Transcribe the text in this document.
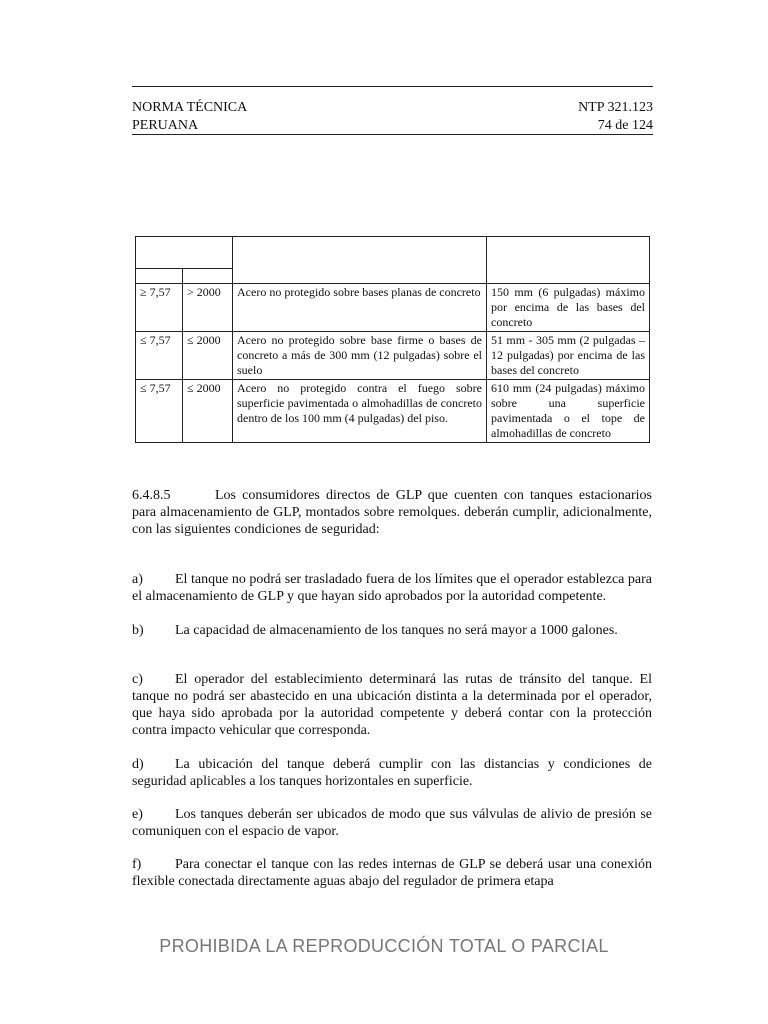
NORMA TÉCNICA
PERUANA
NTP 321.123
74 de 124

≥ 7,57	> 2000	Acero no protegido sobre bases planas de concreto	150 mm (6 pulgadas) máximo por encima de las bases del concreto
≤ 7,57	≤ 2000	Acero no protegido sobre base firme o bases de concreto a más de 300 mm (12 pulgadas) sobre el suelo	51 mm - 305 mm (2 pulgadas – 12 pulgadas) por encima de las bases del concreto
≤ 7,57	≤ 2000	Acero no protegido contra el fuego sobre superficie pavimentada o almohadillas de concreto dentro de los 100 mm (4 pulgadas) del piso.	610 mm (24 pulgadas) máximo sobre una superficie pavimentada o el tope de almohadillas de concreto

6.4.8.5	Los consumidores directos de GLP que cuenten con tanques estacionarios para almacenamiento de GLP, montados sobre remolques. deberán cumplir, adicionalmente, con las siguientes condiciones de seguridad:

a) El tanque no podrá ser trasladado fuera de los límites que el operador establezca para el almacenamiento de GLP y que hayan sido aprobados por la autoridad competente.

b) La capacidad de almacenamiento de los tanques no será mayor a 1000 galones.

c) El operador del establecimiento determinará las rutas de tránsito del tanque. El tanque no podrá ser abastecido en una ubicación distinta a la determinada por el operador, que haya sido aprobada por la autoridad competente y deberá contar con la protección contra impacto vehicular que corresponda.

d) La ubicación del tanque deberá cumplir con las distancias y condiciones de seguridad aplicables a los tanques horizontales en superficie.

e) Los tanques deberán ser ubicados de modo que sus válvulas de alivio de presión se comuniquen con el espacio de vapor.

f) Para conectar el tanque con las redes internas de GLP se deberá usar una conexión flexible conectada directamente aguas abajo del regulador de primera etapa

PROHIBIDA LA REPRODUCCIÓN TOTAL O PARCIAL
